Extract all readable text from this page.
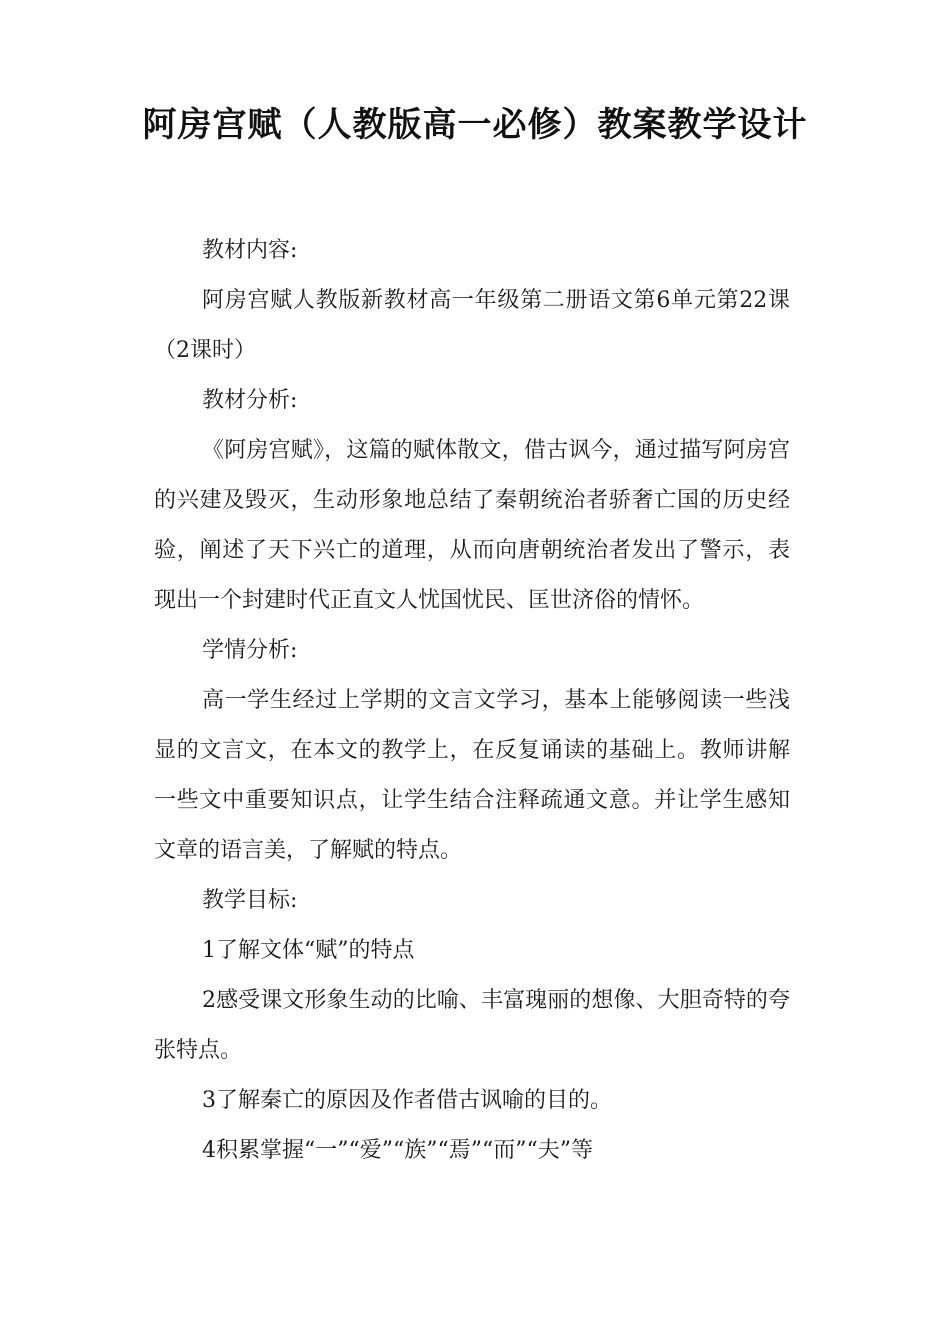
阿房宫赋（人教版高一必修）教案教学设计

教材内容:

阿房宫赋人教版新教材高一年级第二册语文第6单元第22课（2课时）

教材分析:

《阿房宫赋》，这篇的赋体散文，借古讽今，通过描写阿房宫的兴建及毁灭，生动形象地总结了秦朝统治者骄奢亡国的历史经验，阐述了天下兴亡的道理，从而向唐朝统治者发出了警示，表现出一个封建时代正直文人忧国忧民、匡世济俗的情怀。

学情分析:

高一学生经过上学期的文言文学习，基本上能够阅读一些浅显的文言文，在本文的教学上，在反复诵读的基础上。教师讲解一些文中重要知识点，让学生结合注释疏通文意。并让学生感知文章的语言美，了解赋的特点。

教学目标:

1了解文体“赋”的特点

2感受课文形象生动的比喻、丰富瑰丽的想像、大胆奇特的夸张特点。

3了解秦亡的原因及作者借古讽喻的目的。

4积累掌握“一”“爱”“族”“焉”“而”“夫”等
